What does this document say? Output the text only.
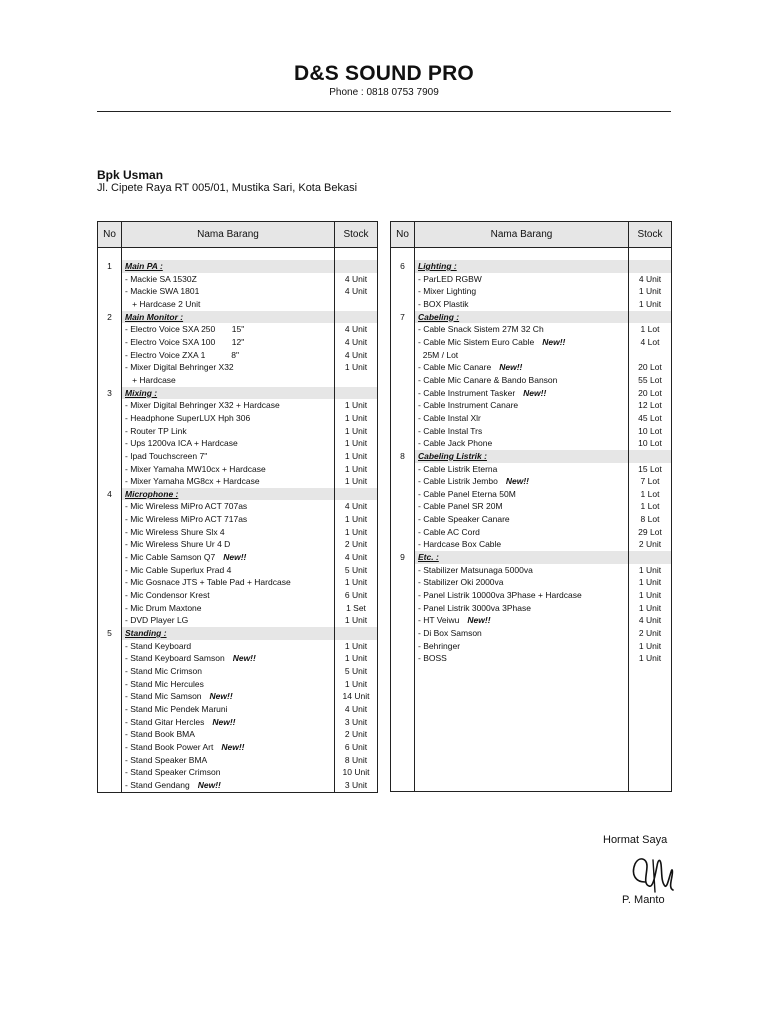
D&S SOUND PRO
Phone : 0818 0753 7909
Bpk Usman
Jl. Cipete Raya RT 005/01, Mustika Sari, Kota Bekasi
No	Nama Barang	Stock

1	Main PA :	
	- Mackie SA 1530Z	4 Unit
	- Mackie SWA 1801	4 Unit
	+ Hardcase 2 Unit	
2	Main Monitor :	
	- Electro Voice SXA 250       15"	4 Unit
	- Electro Voice SXA 100       12"	4 Unit
	- Electro Voice ZXA 1           8"	4 Unit
	- Mixer Digital Behringer X32	1 Unit
	+ Hardcase	
3	Mixing :	
	- Mixer Digital Behringer X32 + Hardcase	1 Unit
	- Headphone SuperLUX Hph 306	1 Unit
	- Router TP Link	1 Unit
	- Ups 1200va ICA + Hardcase	1 Unit
	- Ipad Touchscreen 7"	1 Unit
	- Mixer Yamaha MW10cx + Hardcase	1 Unit
	- Mixer Yamaha MG8cx + Hardcase	1 Unit
4	Microphone :	
	- Mic Wireless MiPro ACT 707as	4 Unit
	- Mic Wireless MiPro ACT 717as	1 Unit
	- Mic Wireless Shure Slx 4	1 Unit
	- Mic Wireless Shure Ur 4 D	2 Unit
	- Mic Cable Samson Q7 New!!	4 Unit
	- Mic Cable Superlux Prad 4	5 Unit
	- Mic Gosnace JTS + Table Pad + Hardcase	1 Unit
	- Mic Condensor Krest	6 Unit
	- Mic Drum Maxtone	1 Set
	- DVD Player LG	1 Unit
5	Standing :	
	- Stand Keyboard	1 Unit
	- Stand Keyboard Samson New!!	1 Unit
	- Stand Mic Crimson	5 Unit
	- Stand Mic Hercules	1 Unit
	- Stand Mic Samson New!!	14 Unit
	- Stand Mic Pendek Maruni	4 Unit
	- Stand Gitar Hercles New!!	3 Unit
	- Stand Book BMA	2 Unit
	- Stand Book Power Art New!!	6 Unit
	- Stand Speaker BMA	8 Unit
	- Stand Speaker Crimson	10 Unit
	- Stand Gendang New!!	3 Unit
No	Nama Barang	Stock

6	Lighting :	
	- ParLED RGBW	4 Unit
	- Mixer Lighting	1 Unit
	- BOX Plastik	1 Unit
7	Cabeling :	
	- Cable Snack Sistem 27M 32 Ch	1 Lot
	- Cable Mic Sistem Euro Cable New!!	4 Lot
	25M / Lot	
	- Cable Mic Canare New!!	20 Lot
	- Cable Mic Canare & Bando Banson	55 Lot
	- Cable Instrument Tasker New!!	20 Lot
	- Cable Instrument Canare	12 Lot
	- Cable Instal Xlr	45 Lot
	- Cable Instal Trs	10 Lot
	- Cable Jack Phone	10 Lot
8	Cabeling Listrik :	
	- Cable Listrik Eterna	15 Lot
	- Cable Listrik Jembo New!!	7 Lot
	- Cable Panel Eterna 50M	1 Lot
	- Cable Panel SR 20M	1 Lot
	- Cable Speaker Canare	8 Lot
	- Cable AC Cord	29 Lot
	- Hardcase Box Cable	2 Unit
9	Etc. :	
	- Stabilizer Matsunaga 5000va	1 Unit
	- Stabilizer Oki 2000va	1 Unit
	- Panel Listrik 10000va 3Phase + Hardcase	1 Unit
	- Panel Listrik 3000va 3Phase	1 Unit
	- HT Veiwu New!!	4 Unit
	- Di Box Samson	2 Unit
	- Behringer	1 Unit
	- BOSS	1 Unit

Hormat Saya
P. Manto
